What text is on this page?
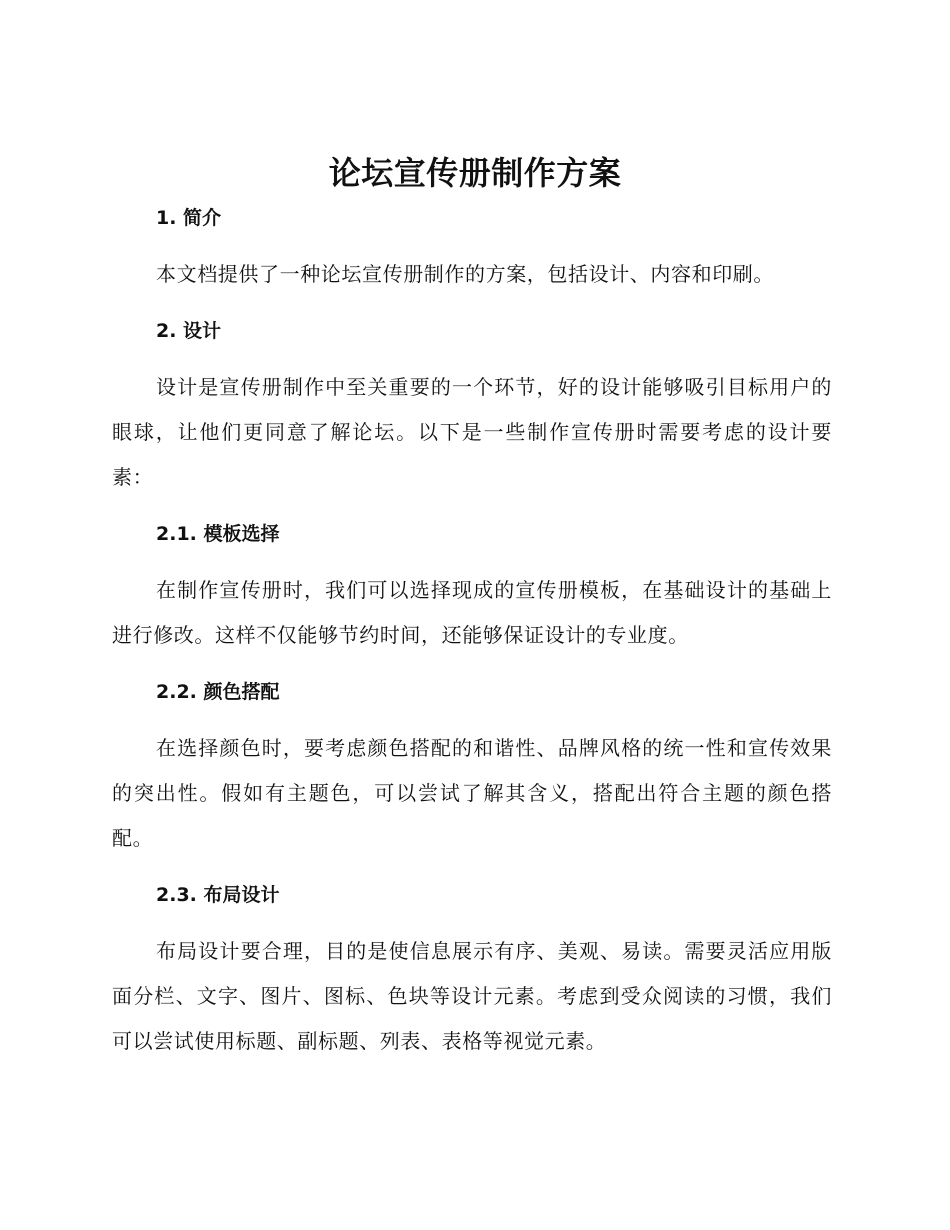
论坛宣传册制作方案
1. 简介

本文档提供了一种论坛宣传册制作的方案，包括设计、内容和印刷。

2. 设计

设计是宣传册制作中至关重要的一个环节，好的设计能够吸引目标用户的眼球，让他们更同意了解论坛。以下是一些制作宣传册时需要考虑的设计要素：

2.1. 模板选择

在制作宣传册时，我们可以选择现成的宣传册模板，在基础设计的基础上进行修改。这样不仅能够节约时间，还能够保证设计的专业度。

2.2. 颜色搭配

在选择颜色时，要考虑颜色搭配的和谐性、品牌风格的统一性和宣传效果的突出性。假如有主题色，可以尝试了解其含义，搭配出符合主题的颜色搭配。

2.3. 布局设计

布局设计要合理，目的是使信息展示有序、美观、易读。需要灵活应用版面分栏、文字、图片、图标、色块等设计元素。考虑到受众阅读的习惯，我们可以尝试使用标题、副标题、列表、表格等视觉元素。
